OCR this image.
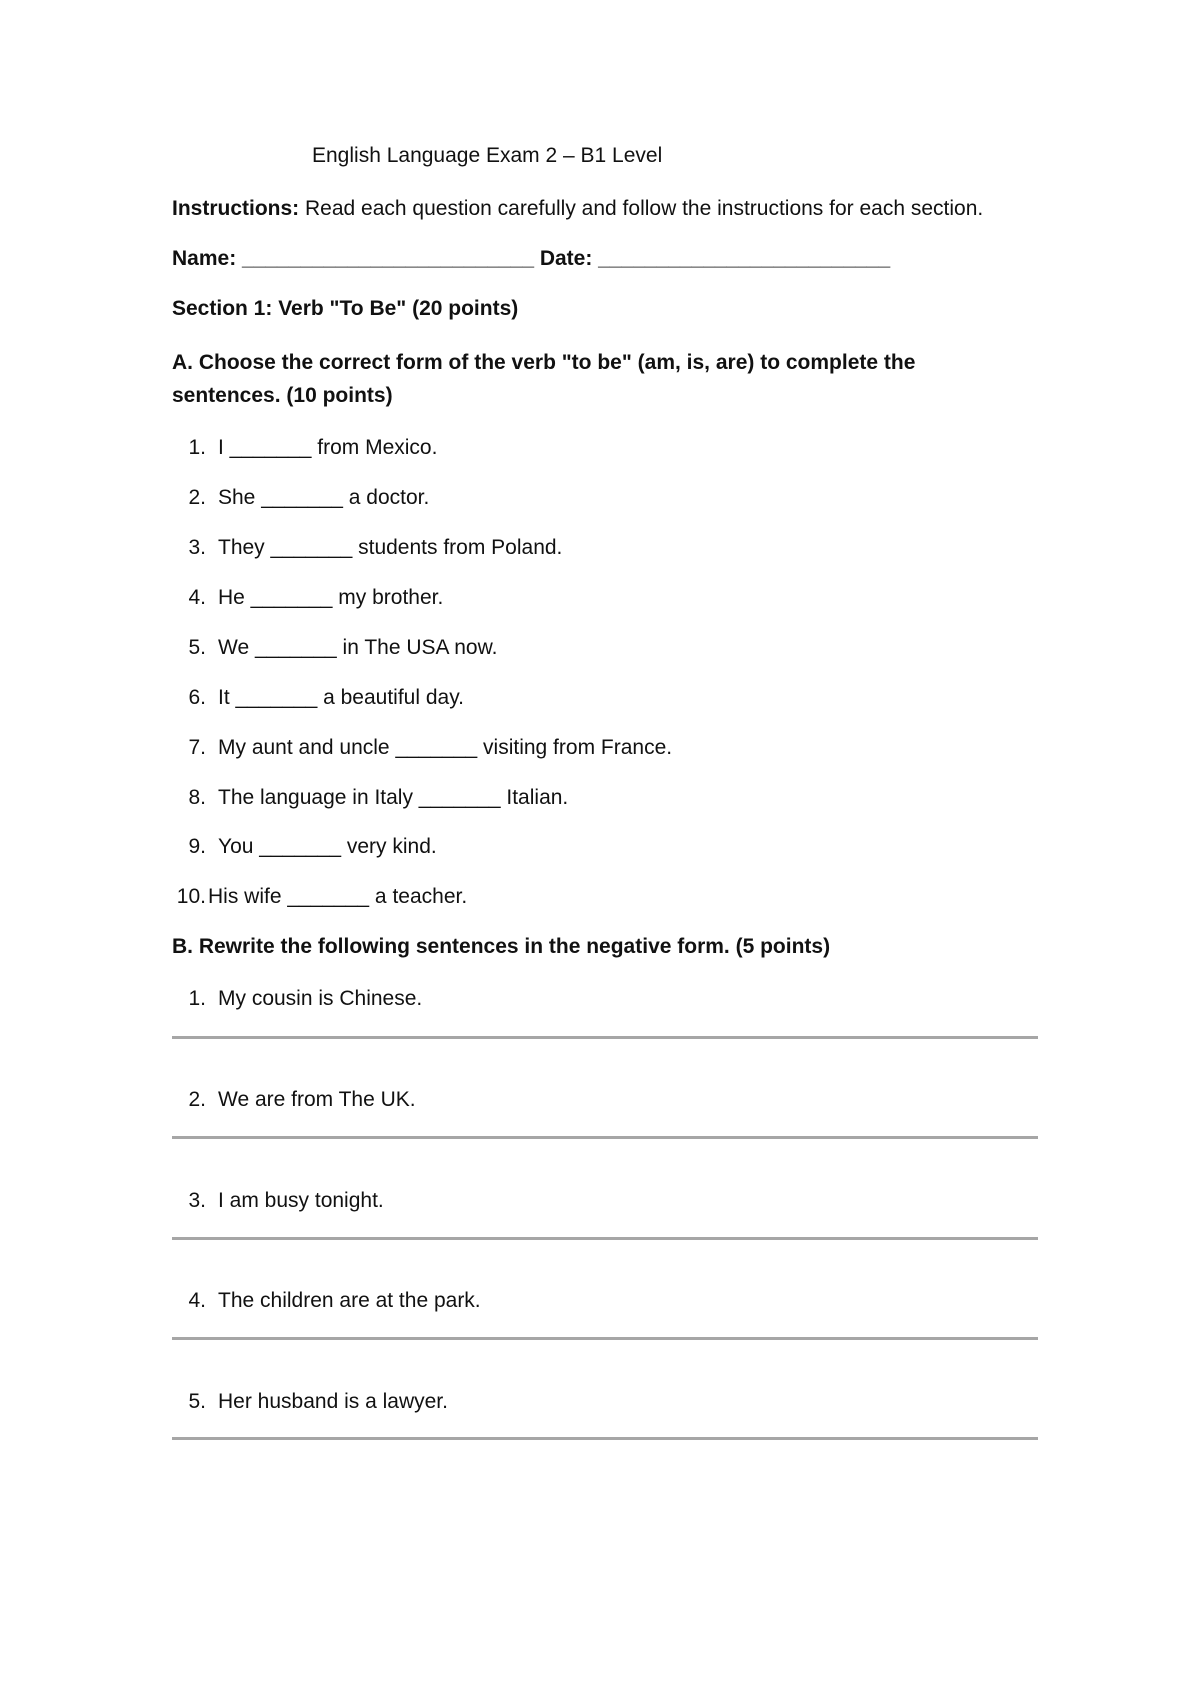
English Language Exam 2 – B1 Level
Instructions: Read each question carefully and follow the instructions for each section.
Name: _________________________ Date: _________________________
Section 1: Verb "To Be" (20 points)
A. Choose the correct form of the verb "to be" (am, is, are) to complete the sentences. (10 points)
1. I _______ from Mexico.
2. She _______ a doctor.
3. They _______ students from Poland.
4. He _______ my brother.
5. We _______ in The USA now.
6. It _______ a beautiful day.
7. My aunt and uncle _______ visiting from France.
8. The language in Italy _______ Italian.
9. You _______ very kind.
10.His wife _______ a teacher.
B. Rewrite the following sentences in the negative form. (5 points)
1. My cousin is Chinese.
2. We are from The UK.
3. I am busy tonight.
4. The children are at the park.
5. Her husband is a lawyer.
